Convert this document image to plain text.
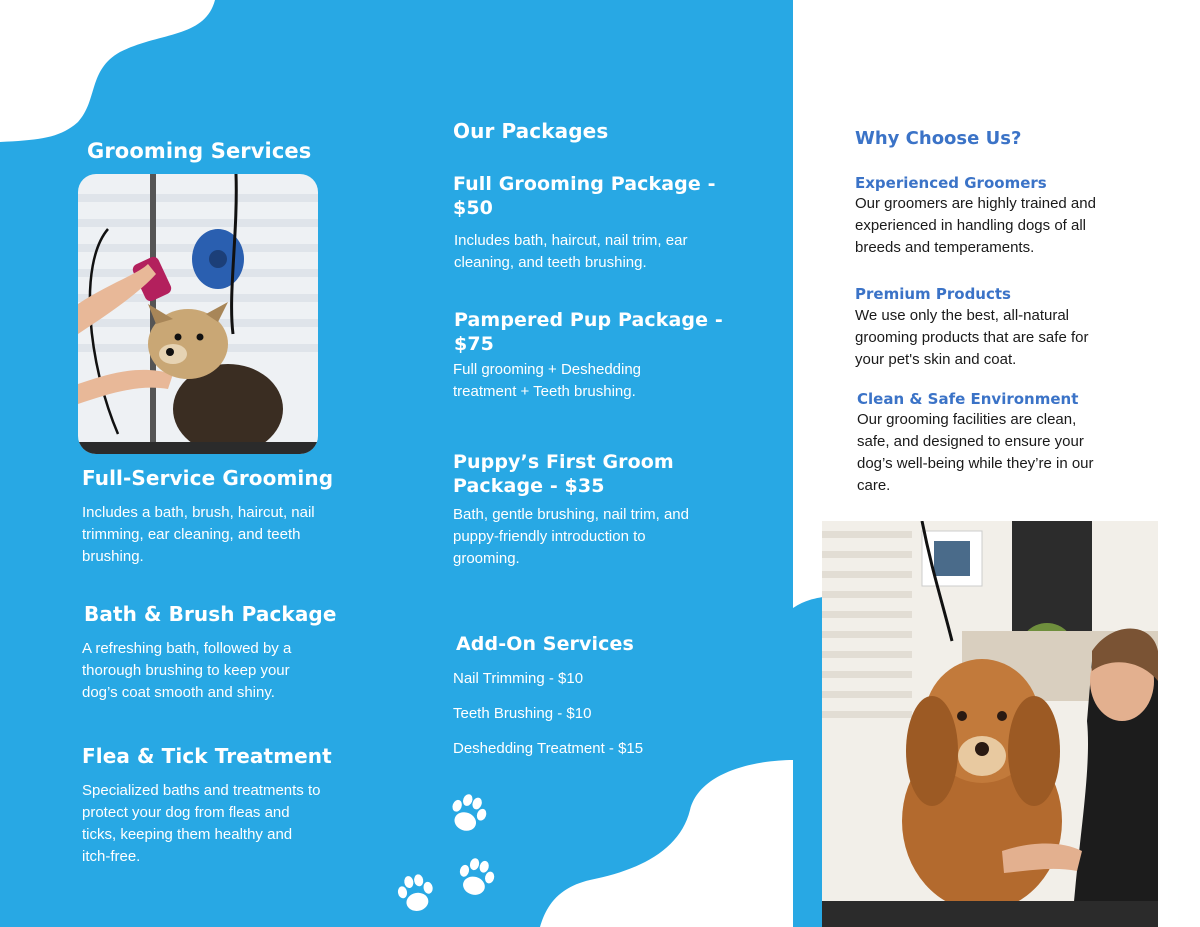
Grooming Services
Full-Service Grooming
Includes a bath, brush, haircut, nail
trimming, ear cleaning, and teeth
brushing.
Bath & Brush Package
A refreshing bath, followed by a
thorough brushing to keep your
dog’s coat smooth and shiny.
Flea & Tick Treatment
Specialized baths and treatments to
protect your dog from fleas and
ticks, keeping them healthy and
itch-free.
Our Packages
Full Grooming Package -
$50
Includes bath, haircut, nail trim, ear
cleaning, and teeth brushing.
Pampered Pup Package -
$75
Full grooming + Deshedding
treatment + Teeth brushing.
Puppy’s First Groom
Package - $35
Bath, gentle brushing, nail trim, and
puppy-friendly introduction to
grooming.
Add-On Services
Nail Trimming - $10
Teeth Brushing - $10
Deshedding Treatment - $15
Why Choose Us?
Experienced Groomers
Our groomers are highly trained and
experienced in handling dogs of all
breeds and temperaments.
Premium Products
We use only the best, all-natural
grooming products that are safe for
your pet's skin and coat.
Clean & Safe Environment
Our grooming facilities are clean,
safe, and designed to ensure your
dog’s well-being while they’re in our
care.
